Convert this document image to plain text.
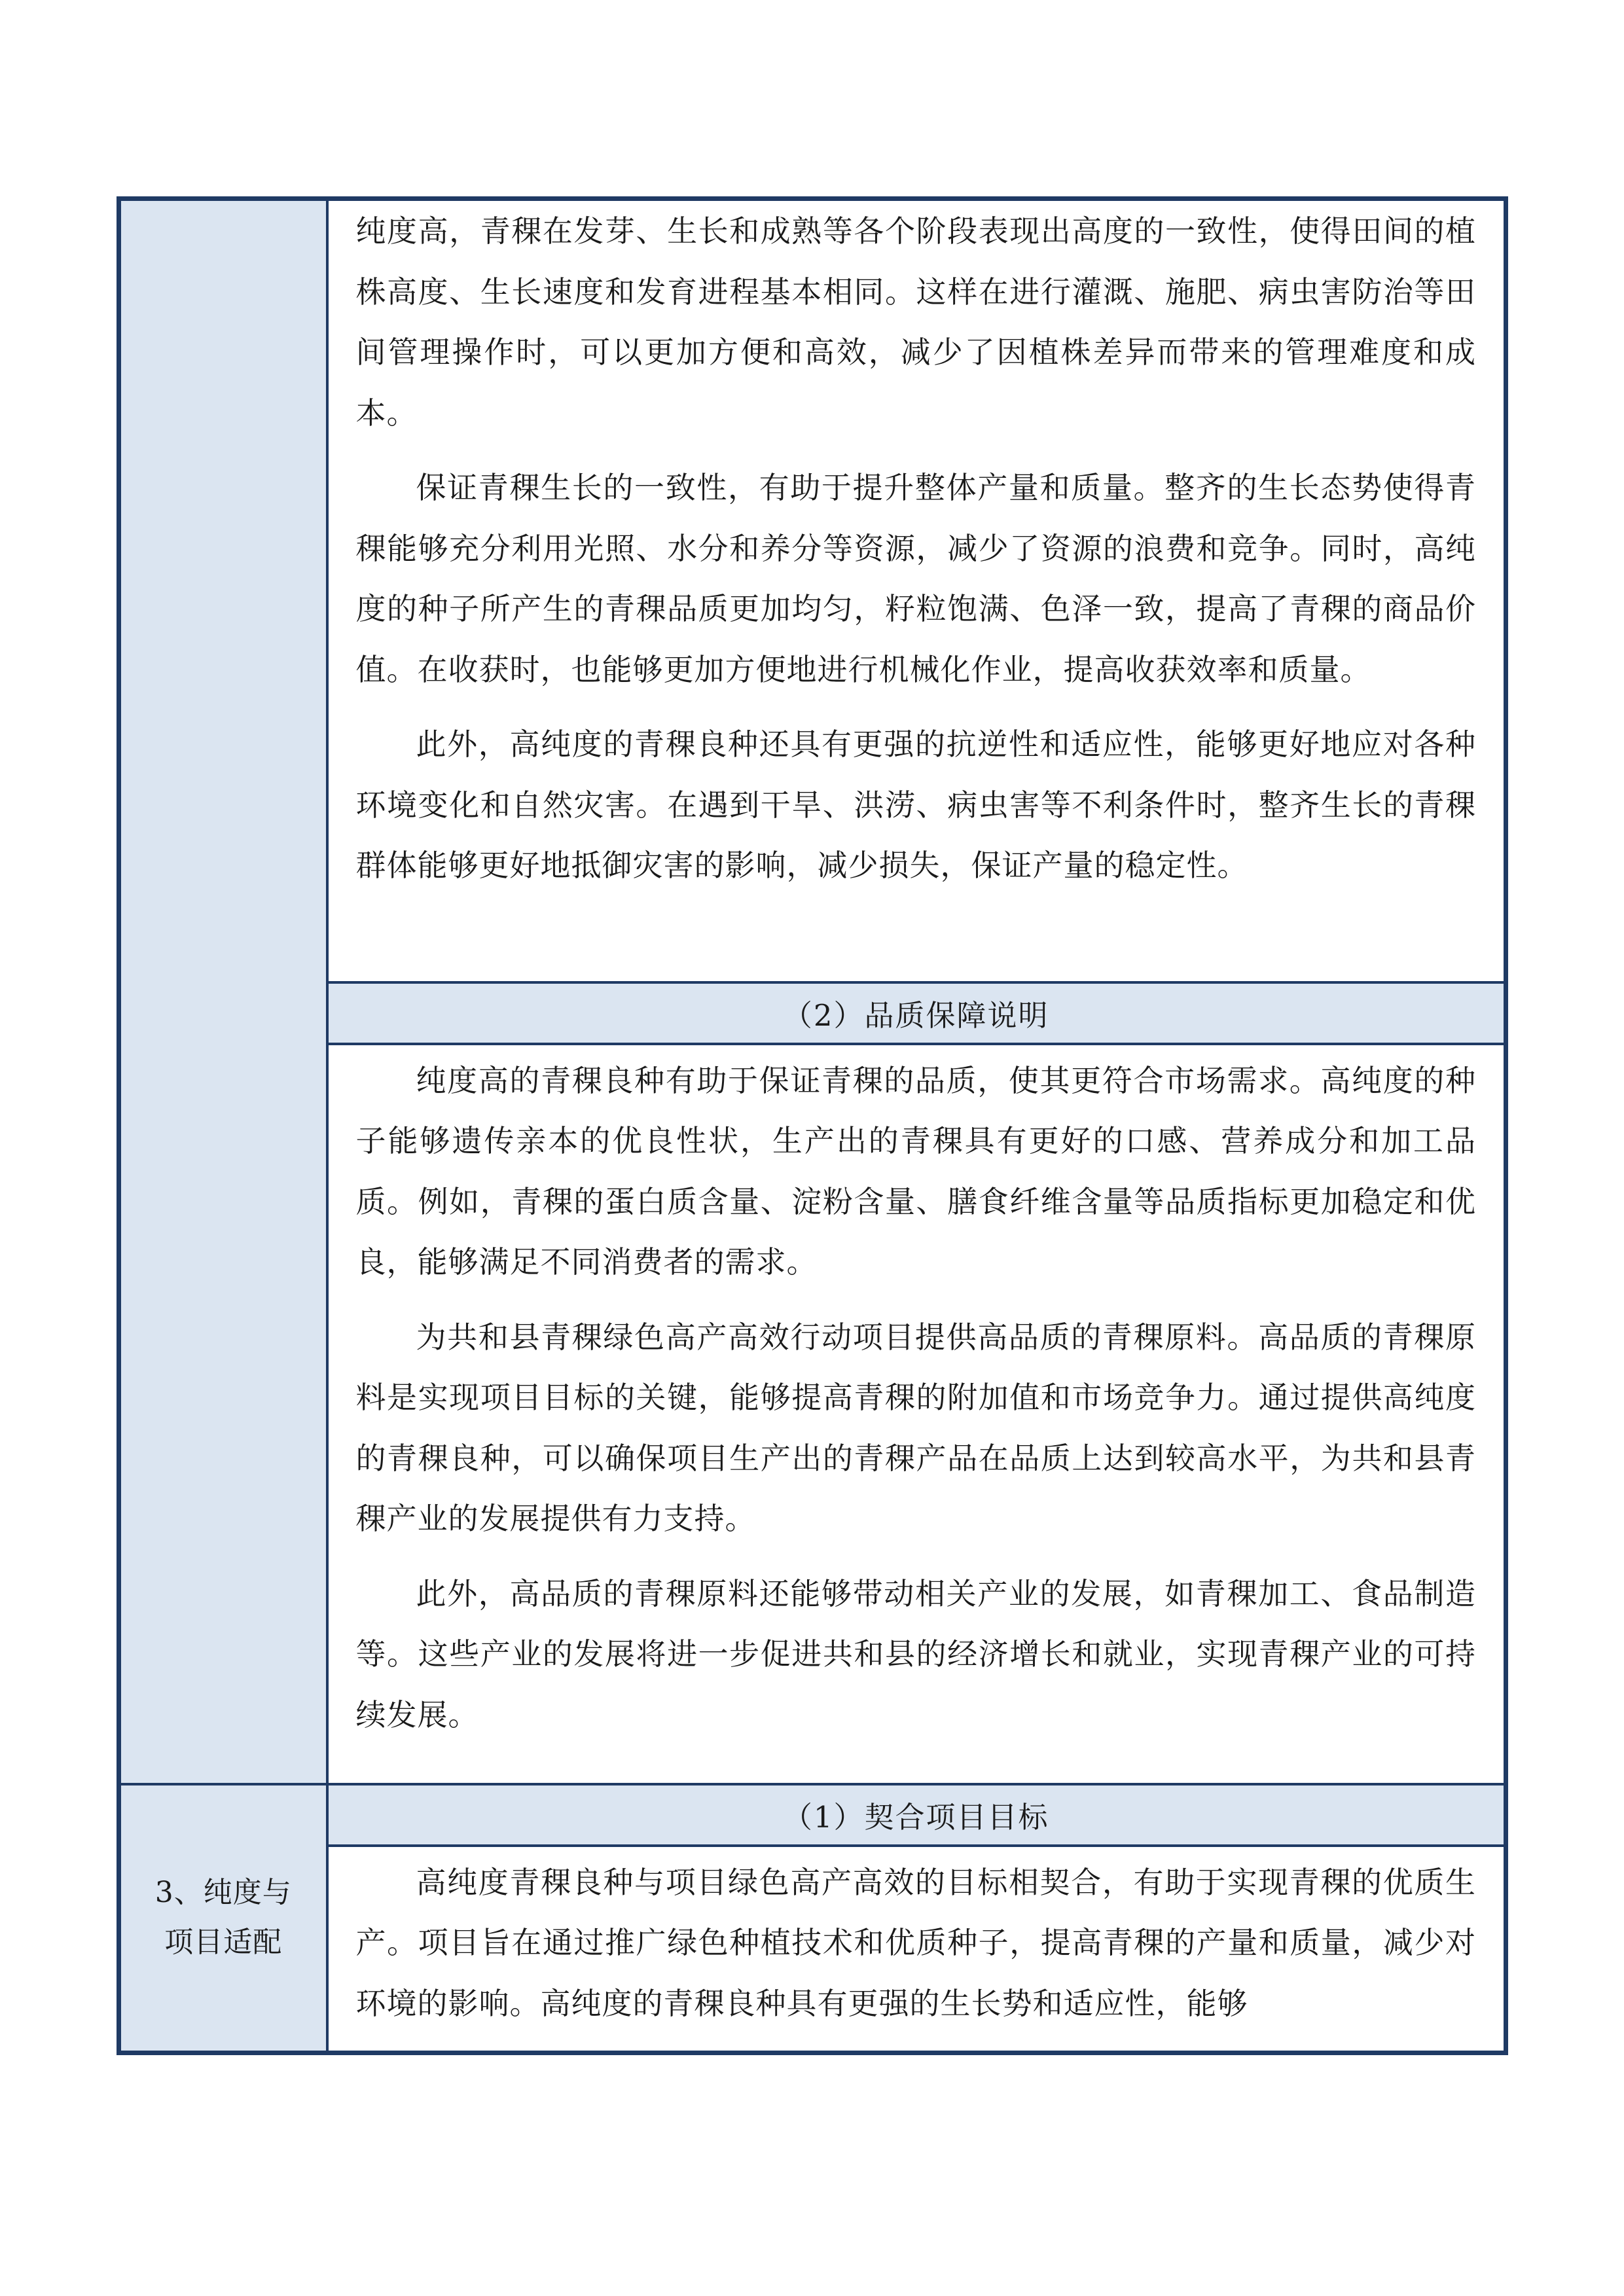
	纯度高，青稞在发芽、生长和成熟等各个阶段表现出高度的一致性，使得田间的植株高度、生长速度和发育进程基本相同。这样在进行灌溉、施肥、病虫害防治等田间管理操作时，可以更加方便和高效，减少了因植株差异而带来的管理难度和成本。

保证青稞生长的一致性，有助于提升整体产量和质量。整齐的生长态势使得青稞能够充分利用光照、水分和养分等资源，减少了资源的浪费和竞争。同时，高纯度的种子所产生的青稞品质更加均匀，籽粒饱满、色泽一致，提高了青稞的商品价值。在收获时，也能够更加方便地进行机械化作业，提高收获效率和质量。

此外，高纯度的青稞良种还具有更强的抗逆性和适应性，能够更好地应对各种环境变化和自然灾害。在遇到干旱、洪涝、病虫害等不利条件时，整齐生长的青稞群体能够更好地抵御灾害的影响，减少损失，保证产量的稳定性。

	（2）品质保障说明

	纯度高的青稞良种有助于保证青稞的品质，使其更符合市场需求。高纯度的种子能够遗传亲本的优良性状，生产出的青稞具有更好的口感、营养成分和加工品质。例如，青稞的蛋白质含量、淀粉含量、膳食纤维含量等品质指标更加稳定和优良，能够满足不同消费者的需求。

为共和县青稞绿色高产高效行动项目提供高品质的青稞原料。高品质的青稞原料是实现项目目标的关键，能够提高青稞的附加值和市场竞争力。通过提供高纯度的青稞良种，可以确保项目生产出的青稞产品在品质上达到较高水平，为共和县青稞产业的发展提供有力支持。

此外，高品质的青稞原料还能够带动相关产业的发展，如青稞加工、食品制造等。这些产业的发展将进一步促进共和县的经济增长和就业，实现青稞产业的可持续发展。

3、纯度与
项目适配	（1）契合项目目标

	高纯度青稞良种与项目绿色高产高效的目标相契合，有助于实现青稞的优质生产。项目旨在通过推广绿色种植技术和优质种子，提高青稞的产量和质量，减少对环境的影响。高纯度的青稞良种具有更强的生长势和适应性，能够
